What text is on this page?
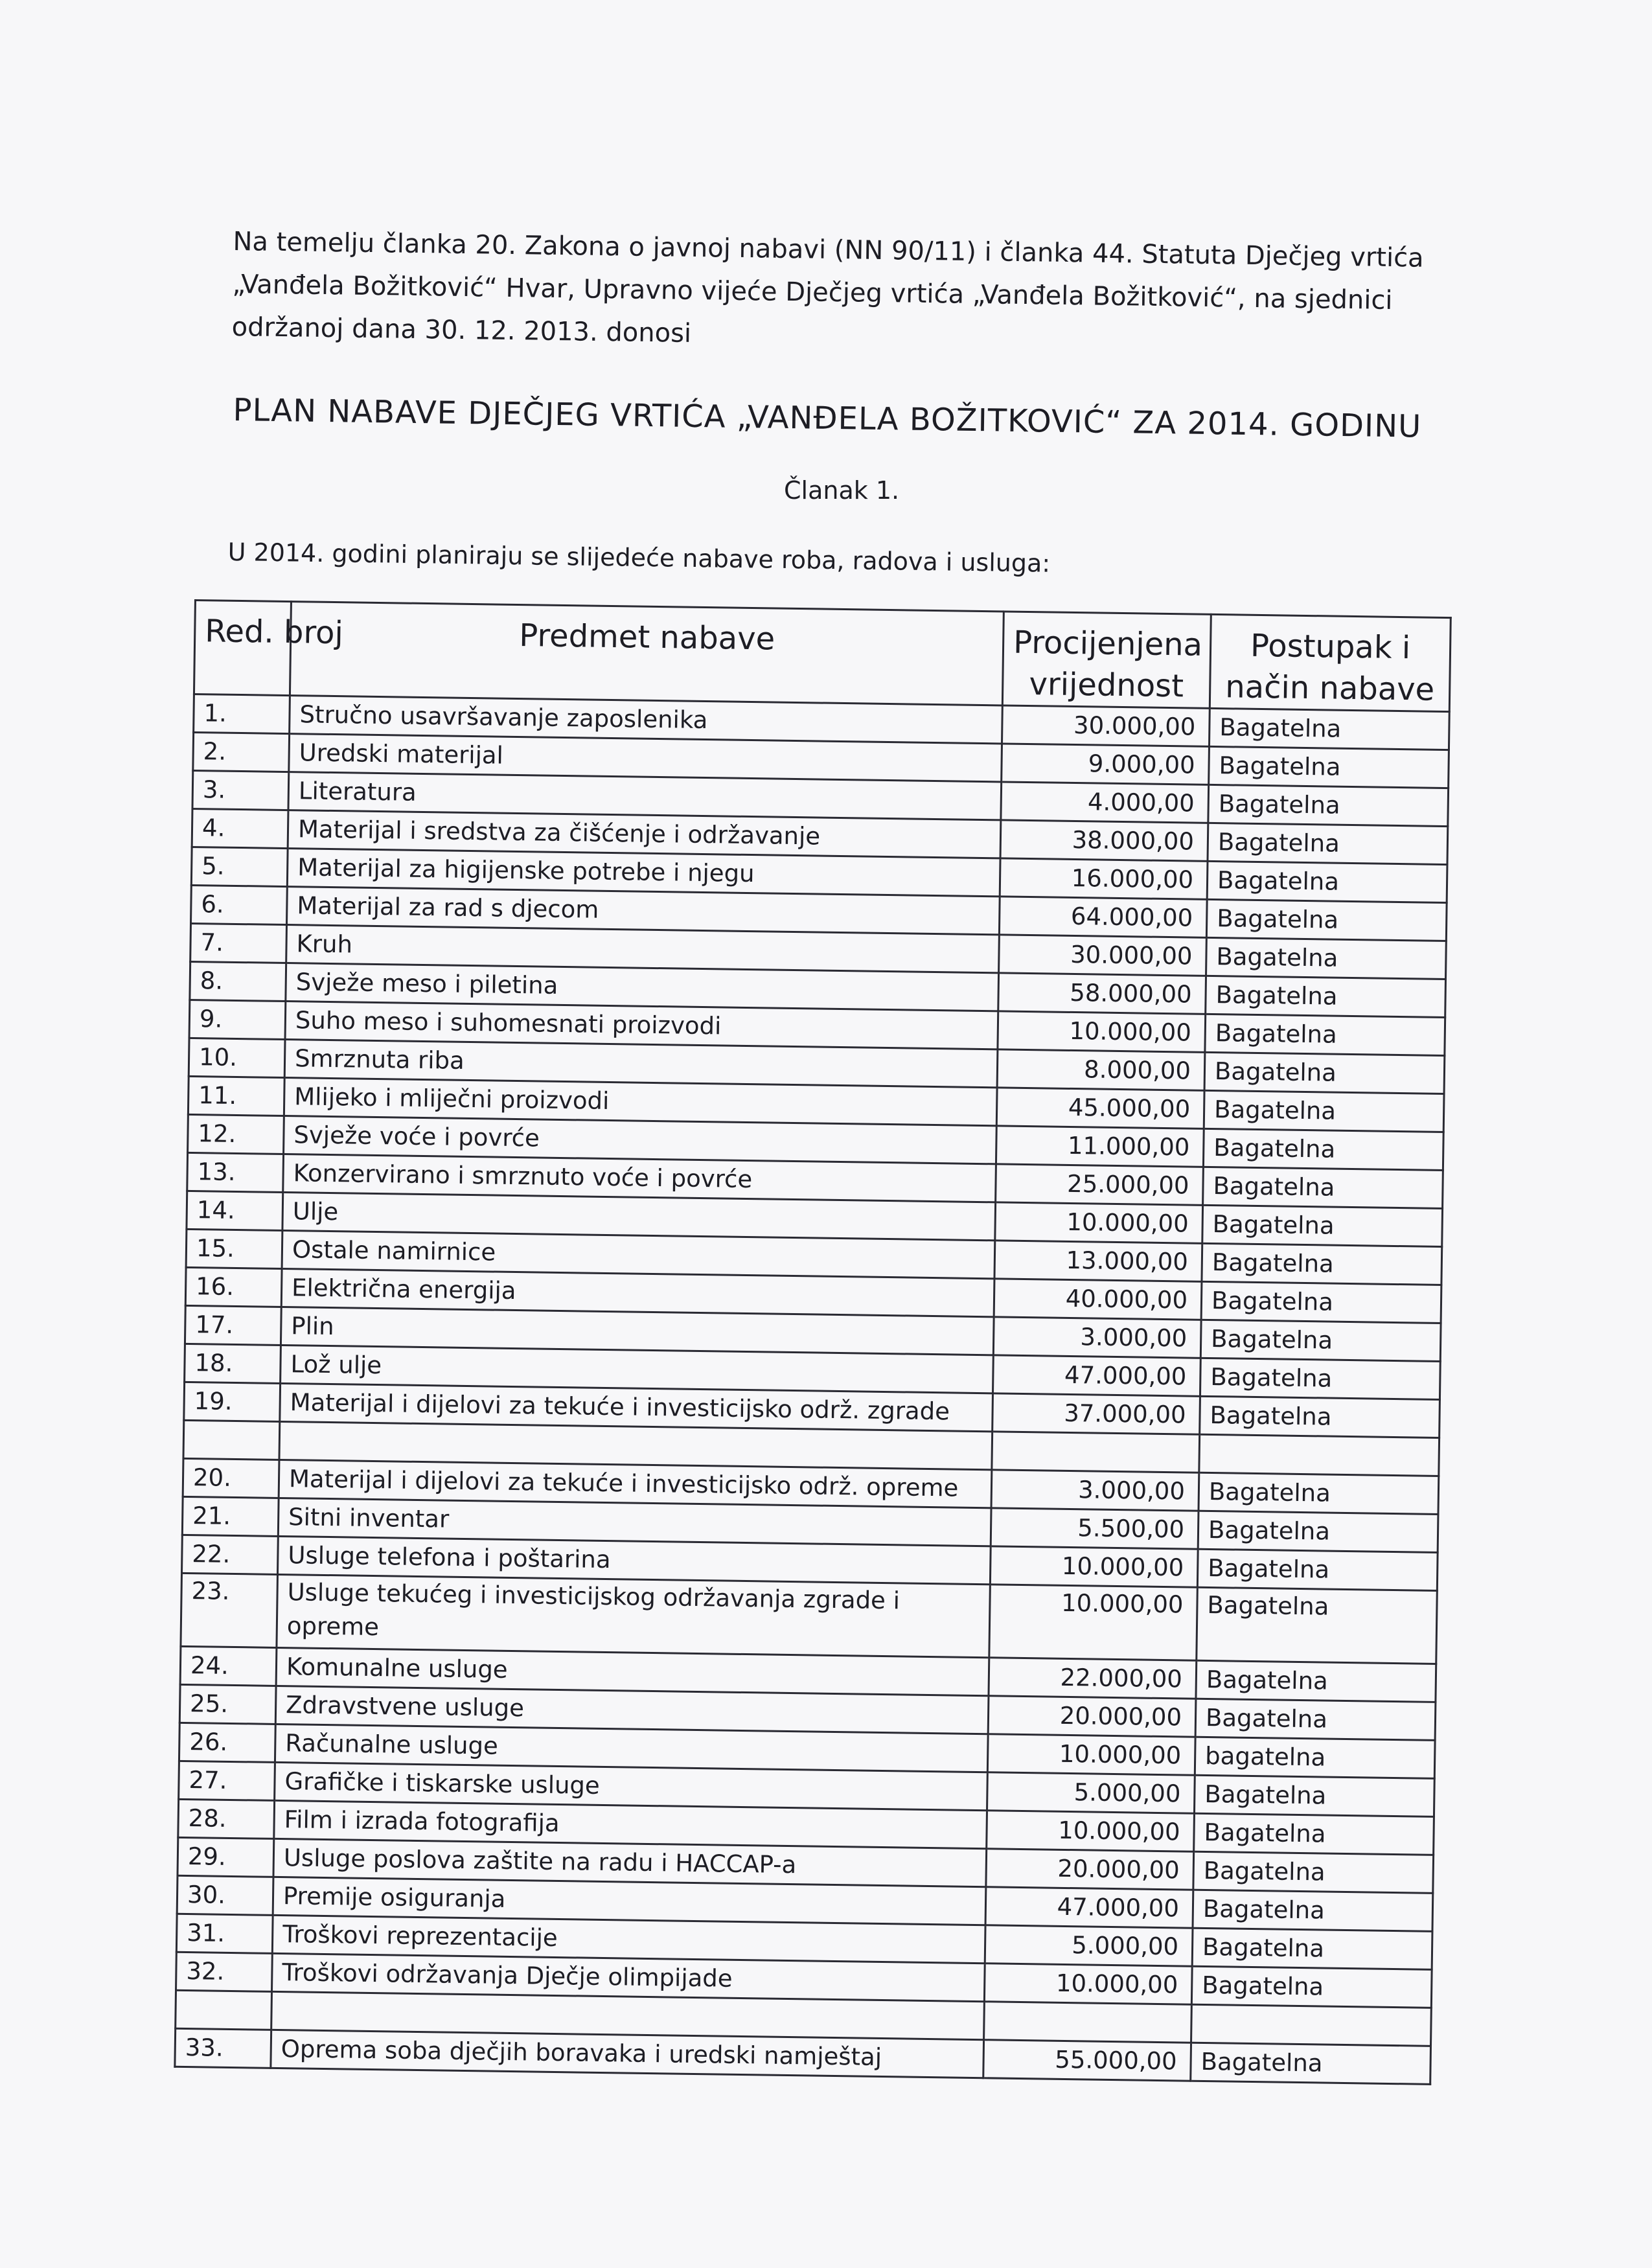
Na temelju članka 20. Zakona o javnoj nabavi (NN 90/11) i članka 44. Statuta Dječjeg vrtića
„Vanđela Božitković“ Hvar, Upravno vijeće Dječjeg vrtića „Vanđela Božitković“, na sjednici
održanoj dana 30. 12. 2013. donosi
PLAN NABAVE DJEČJEG VRTIĆA „VANĐELA BOŽITKOVIĆ“ ZA 2014. GODINU
Članak 1.
U 2014. godini planiraju se slijedeće nabave roba, radova i usluga:
Red. broj	Predmet nabave	Procijenjena vrijednost	Postupak i način nabave
1.	Stručno usavršavanje zaposlenika	30.000,00	Bagatelna
2.	Uredski materijal	9.000,00	Bagatelna
3.	Literatura	4.000,00	Bagatelna
4.	Materijal i sredstva za čišćenje i održavanje	38.000,00	Bagatelna
5.	Materijal za higijenske potrebe i njegu	16.000,00	Bagatelna
6.	Materijal za rad s djecom	64.000,00	Bagatelna
7.	Kruh	30.000,00	Bagatelna
8.	Svježe meso i piletina	58.000,00	Bagatelna
9.	Suho meso i suhomesnati proizvodi	10.000,00	Bagatelna
10.	Smrznuta riba	8.000,00	Bagatelna
11.	Mlijeko i mliječni proizvodi	45.000,00	Bagatelna
12.	Svježe voće i povrće	11.000,00	Bagatelna
13.	Konzervirano i smrznuto voće i povrće	25.000,00	Bagatelna
14.	Ulje	10.000,00	Bagatelna
15.	Ostale namirnice	13.000,00	Bagatelna
16.	Električna energija	40.000,00	Bagatelna
17.	Plin	3.000,00	Bagatelna
18.	Lož ulje	47.000,00	Bagatelna
19.	Materijal i dijelovi za tekuće i investicijsko održ. zgrade	37.000,00	Bagatelna

20.	Materijal i dijelovi za tekuće i investicijsko održ. opreme	3.000,00	Bagatelna
21.	Sitni inventar	5.500,00	Bagatelna
22.	Usluge telefona i poštarina	10.000,00	Bagatelna
23.	Usluge tekućeg i investicijskog održavanja zgrade i opreme	10.000,00	Bagatelna
24.	Komunalne usluge	22.000,00	Bagatelna
25.	Zdravstvene usluge	20.000,00	Bagatelna
26.	Računalne usluge	10.000,00	bagatelna
27.	Grafičke i tiskarske usluge	5.000,00	Bagatelna
28.	Film i izrada fotografija	10.000,00	Bagatelna
29.	Usluge poslova zaštite na radu i HACCAP-a	20.000,00	Bagatelna
30.	Premije osiguranja	47.000,00	Bagatelna
31.	Troškovi reprezentacije	5.000,00	Bagatelna
32.	Troškovi održavanja Dječje olimpijade	10.000,00	Bagatelna

33.	Oprema soba dječjih boravaka i uredski namještaj	55.000,00	Bagatelna
